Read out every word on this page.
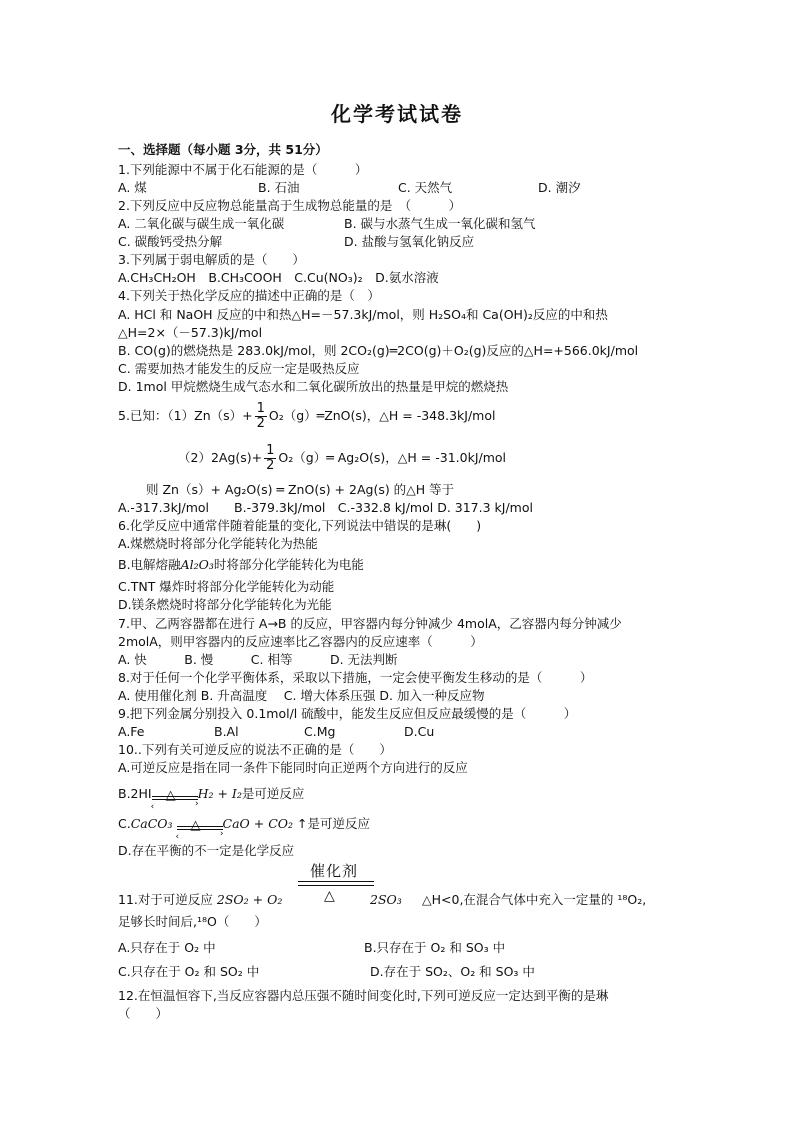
化学考试试卷
一、选择题（每小题 3分，共 51分）
1.下列能源中不属于化石能源的是（　　　）
A. 煤	B. 石油	C. 天然气	D. 潮汐
2.下列反应中反应物总能量高于生成物总能量的是　（　　　）
A. 二氧化碳与碳生成一氧化碳	B. 碳与水蒸气生成一氧化碳和氢气
C. 碳酸钙受热分解	D. 盐酸与氢氧化钠反应
3.下列属于弱电解质的是（　　）
A.CH₃CH₂OH　B.CH₃COOH　C.Cu(NO₃)₂　D.氨水溶液
4.下列关于热化学反应的描述中正确的是（　）
A. HCl 和 NaOH 反应的中和热△H=－57.3kJ/mol，则 H₂SO₄和 Ca(OH)₂反应的中和热
△H=2×（－57.3)kJ/mol
B. CO(g)的燃烧热是 283.0kJ/mol，则 2CO₂(g)═2CO(g)＋O₂(g)反应的△H=+566.0kJ/mol
C. 需要加热才能发生的反应一定是吸热反应
D. 1mol 甲烷燃烧生成气态水和二氧化碳所放出的热量是甲烷的燃烧热
5.已知：$(1)Zn(s)+ \frac{1}{2}$ O₂（g）═ZnO(s)，△H = -348.3kJ/mol
$(2)2Ag(s)+ \frac{1}{2}$ O₂（g）═ Ag₂O(s)，△H = -31.0kJ/mol
则 Zn（s）+ Ag₂O(s) ═ ZnO(s) + 2Ag(s) 的△H 等于
A.-317.3kJ/mol　　B.-379.3kJ/mol　C.-332.8 kJ/mol D. 317.3 kJ/mol
6.化学反应中通常伴随着能量的变化,下列说法中错误的是琳(　　)
A.煤燃烧时将部分化学能转化为热能
B.电解熔融Al₂O₃时将部分化学能转化为电能
C.TNT 爆炸时将部分化学能转化为动能
D.镁条燃烧时将部分化学能转化为光能
7.甲、乙两容器都在进行 A→B 的反应，甲容器内每分钟减少 4molA，乙容器内每分钟减少
2molA，则甲容器内的反应速率比乙容器内的反应速率（　　　）
A. 快　　　B. 慢　　　C. 相等　　　D. 无法判断
8.对于任何一个化学平衡体系，采取以下措施，一定会使平衡发生移动的是（　　　）
A. 使用催化剂 B. 升高温度　 C. 增大体系压强 D. 加入一种反应物
9.把下列金属分别投入 0.1mol/l 硫酸中，能发生反应但反应最缓慢的是（　　　）
A.Fe	B.Al	C.Mg	D.Cu
10..下列有关可逆反应的说法不正确的是（　　）
A.可逆反应是指在同一条件下能同时向正逆两个方向进行的反应
B.2HI △
›
‹
H₂ + I₂是可逆反应
C.CaCO₃ △
›
‹
CaO + CO₂ ↑是可逆反应
D.存在平衡的不一定是化学反应
催化剂
△
11.对于可逆反应 2SO₂ + O₂	2SO₃ △H<0,在混合气体中充入一定量的 ¹⁸O₂,
足够长时间后,¹⁸O（　　）
A.只存在于 O₂ 中	B.只存在于 O₂ 和 SO₃ 中
C.只存在于 O₂ 和 SO₂ 中	D.存在于 SO₂、O₂ 和 SO₃ 中
12.在恒温恒容下,当反应容器内总压强不随时间变化时,下列可逆反应一定达到平衡的是琳
（　　）
